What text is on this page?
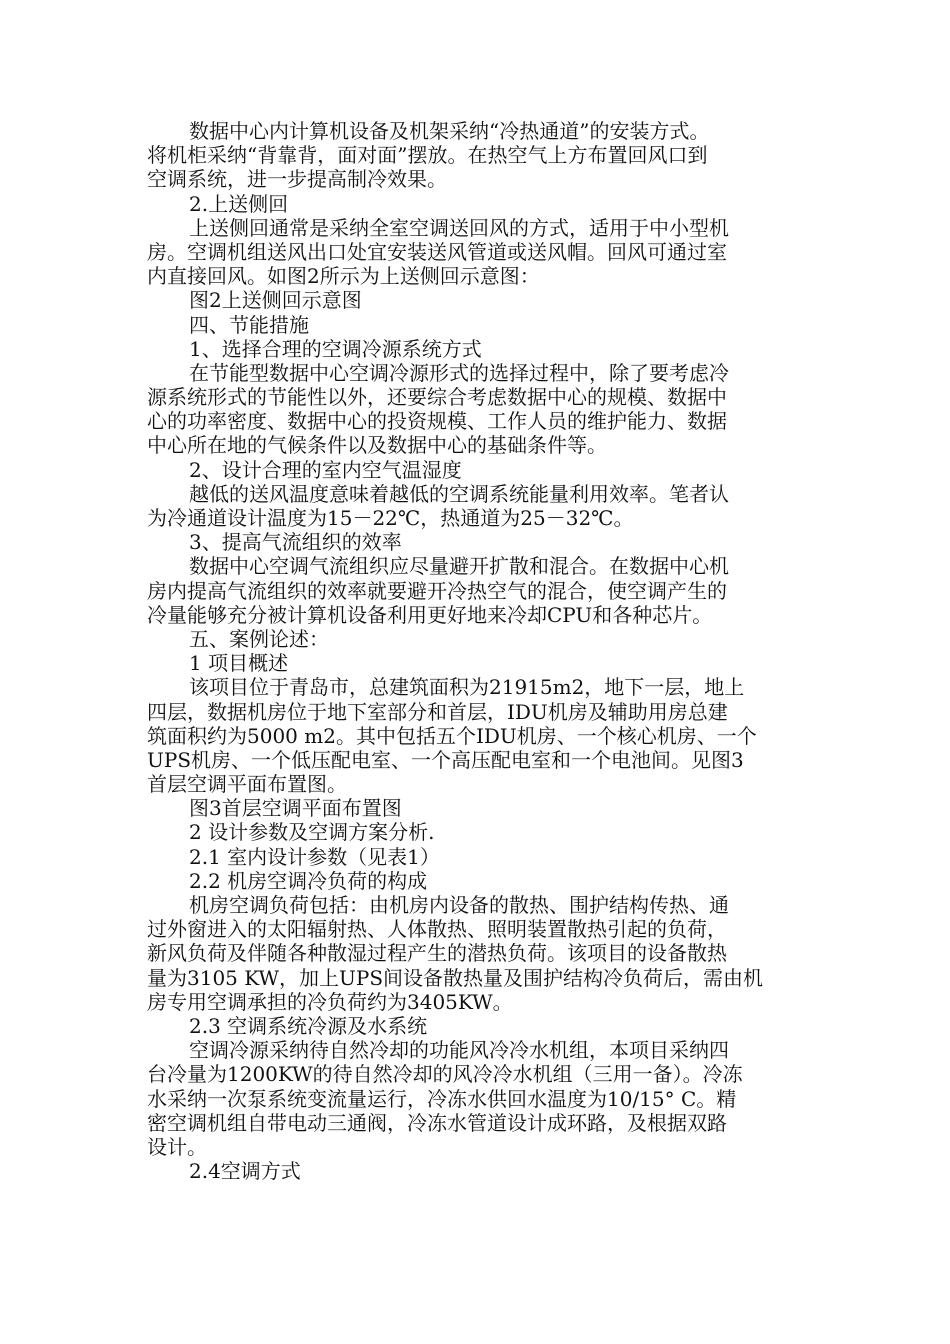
数据中心内计算机设备及机架采纳“冷热通道”的安装方式。
将机柜采纳“背靠背，面对面”摆放。在热空气上方布置回风口到
空调系统，进一步提高制冷效果。
2.上送侧回
上送侧回通常是采纳全室空调送回风的方式，适用于中小型机
房。空调机组送风出口处宜安装送风管道或送风帽。回风可通过室
内直接回风。如图2所示为上送侧回示意图：
图2上送侧回示意图
四、节能措施
1、选择合理的空调冷源系统方式
在节能型数据中心空调冷源形式的选择过程中，除了要考虑冷
源系统形式的节能性以外，还要综合考虑数据中心的规模、数据中
心的功率密度、数据中心的投资规模、工作人员的维护能力、数据
中心所在地的气候条件以及数据中心的基础条件等。
2、设计合理的室内空气温湿度
越低的送风温度意味着越低的空调系统能量利用效率。笔者认
为冷通道设计温度为15－22℃，热通道为25－32℃。
3、提高气流组织的效率
数据中心空调气流组织应尽量避开扩散和混合。在数据中心机
房内提高气流组织的效率就要避开冷热空气的混合，使空调产生的
冷量能够充分被计算机设备利用更好地来冷却CPU和各种芯片。
五、案例论述：
1 项目概述
该项目位于青岛市，总建筑面积为21915m2，地下一层，地上
四层，数据机房位于地下室部分和首层，IDU机房及辅助用房总建
筑面积约为5000 m2。其中包括五个IDU机房、一个核心机房、一个
UPS机房、一个低压配电室、一个高压配电室和一个电池间。见图3
首层空调平面布置图。
图3首层空调平面布置图
2 设计参数及空调方案分析.
2.1 室内设计参数（见表1）
2.2 机房空调冷负荷的构成
机房空调负荷包括：由机房内设备的散热、围护结构传热、通
过外窗进入的太阳辐射热、人体散热、照明装置散热引起的负荷，
新风负荷及伴随各种散湿过程产生的潜热负荷。该项目的设备散热
量为3105 KW，加上UPS间设备散热量及围护结构冷负荷后，需由机
房专用空调承担的冷负荷约为3405KW。
2.3 空调系统冷源及水系统
空调冷源采纳待自然冷却的功能风冷冷水机组，本项目采纳四
台冷量为1200KW的待自然冷却的风冷冷水机组（三用一备）。冷冻
水采纳一次泵系统变流量运行，冷冻水供回水温度为10/15° C。精
密空调机组自带电动三通阀，冷冻水管道设计成环路，及根据双路
设计。
2.4空调方式
